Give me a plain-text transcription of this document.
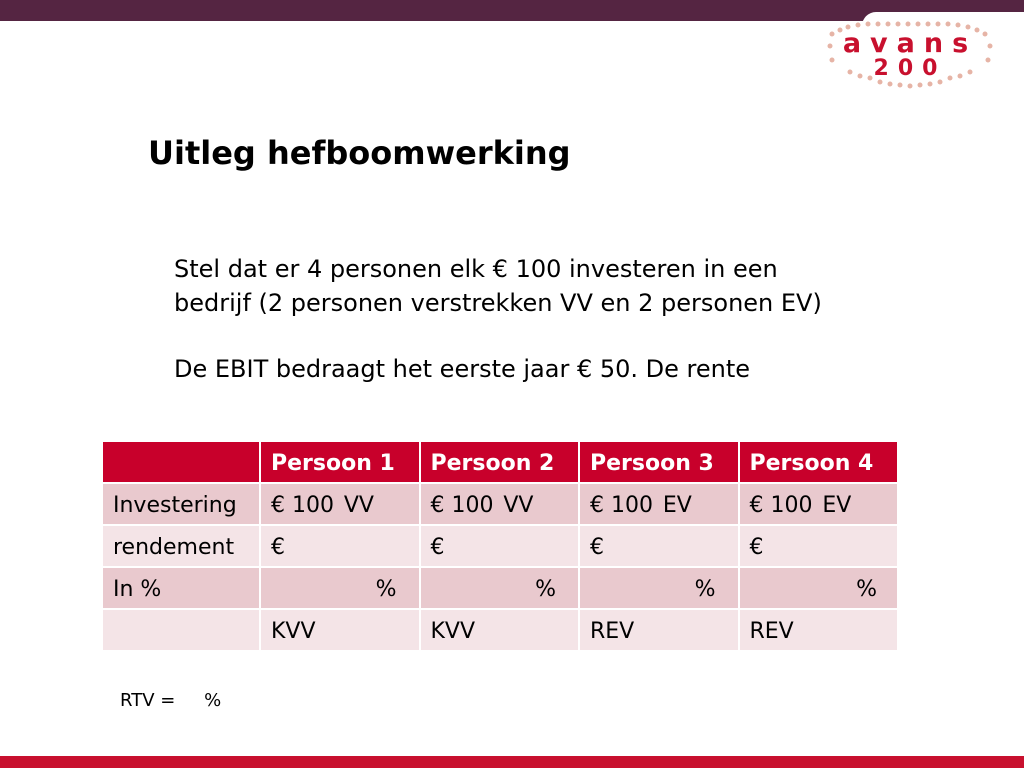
avans
200
Uitleg hefboomwerking

Stel dat er 4 personen elk € 100 investeren in een bedrijf (2 personen verstrekken VV en 2 personen EV)

De EBIT bedraagt het eerste jaar € 50. De rente

	Persoon 1	Persoon 2	Persoon 3	Persoon 4
Investering	€ 100 VV	€ 100 VV	€ 100 EV	€ 100 EV
rendement	€	€	€	€
In %	%	%	%	%
	KVV	KVV	REV	REV
RTV = %
